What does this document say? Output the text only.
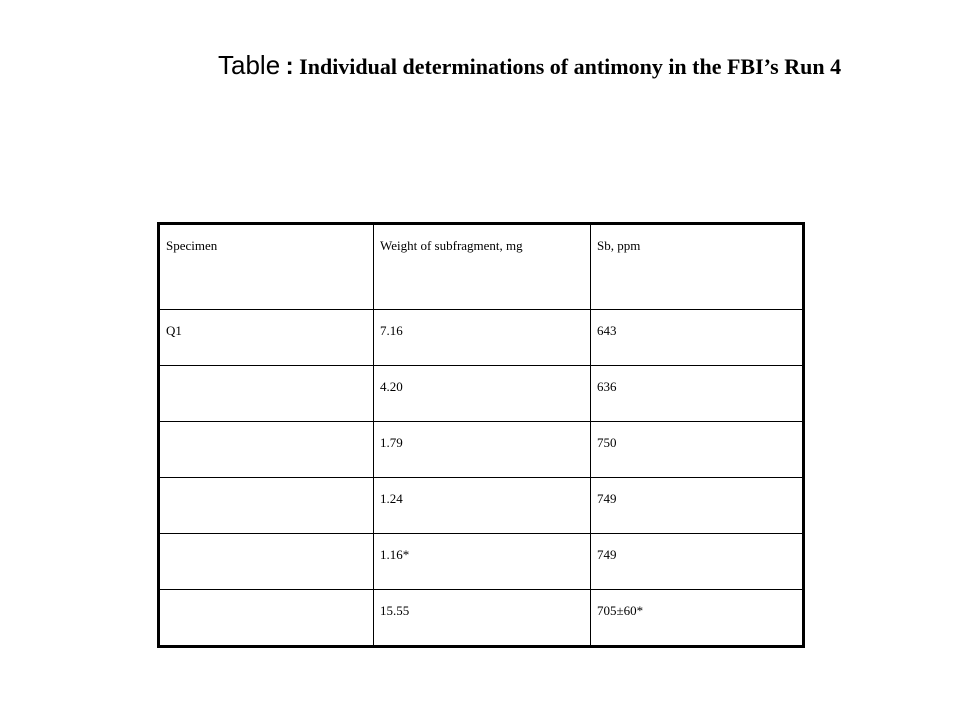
Table : Individual determinations of antimony in the FBI’s Run 4
Specimen	Weight of subfragment, mg	Sb, ppm
Q1	7.16	643
	4.20	636
	1.79	750
	1.24	749
	1.16*	749
	15.55	705±60*
